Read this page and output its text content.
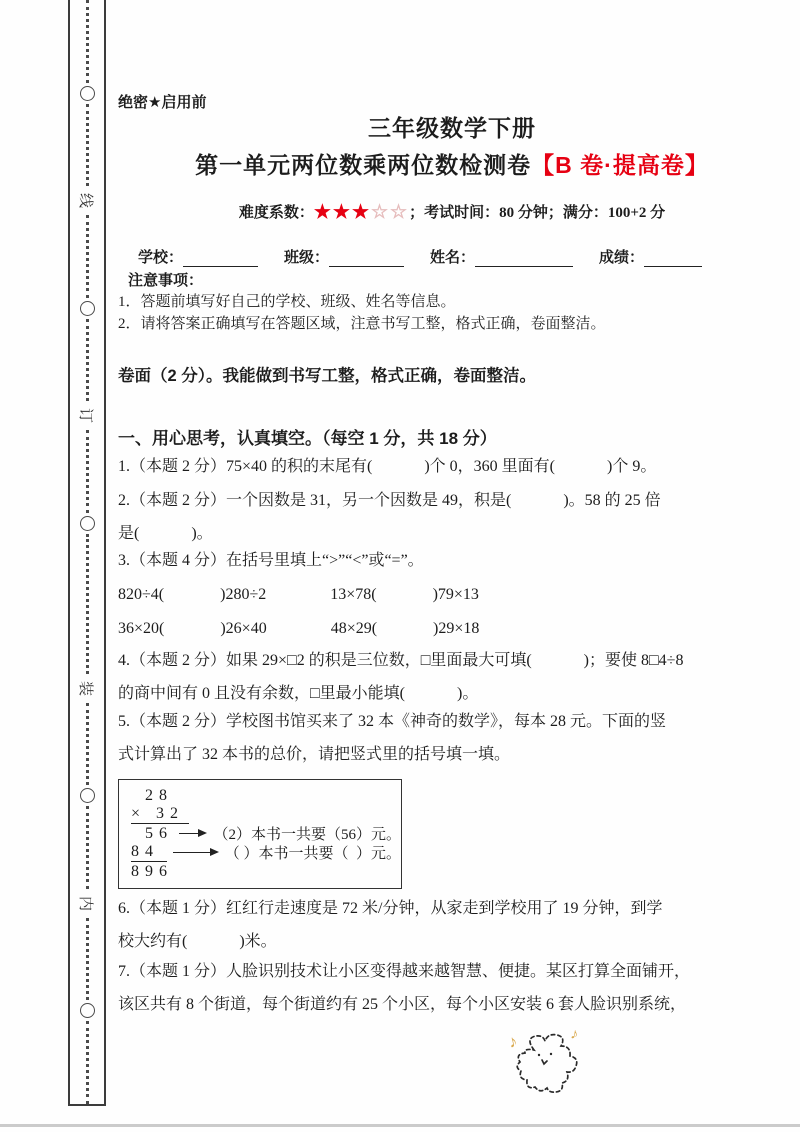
线
订
装
内
绝密★启用前
三年级数学下册
第一单元两位数乘两位数检测卷【B 卷·提高卷】
难度系数：★★★☆☆；考试时间：80 分钟；满分：100+2 分
学校：	班级：	姓名：	成绩：
注意事项：
1．答题前填写好自己的学校、班级、姓名等信息。
2．请将答案正确填写在答题区域，注意书写工整，格式正确，卷面整洁。
卷面（2 分）。我能做到书写工整，格式正确，卷面整洁。
一、用心思考，认真填空。（每空 1 分，共 18 分）
1.（本题 2 分）75×40 的积的末尾有(             )个 0，360 里面有(             )个 9。
2.（本题 2 分）一个因数是 31，另一个因数是 49，积是(             )。58 的 25 倍
是(             )。
3.（本题 4 分）在括号里填上“>”“<”或“=”。
820÷4(              )280÷2                13×78(              )79×13
36×20(              )26×40                48×29(              )29×18
4.（本题 2 分）如果 29×□2 的积是三位数，□里面最大可填(             )；要使 8□4÷8
的商中间有 0 且没有余数，□里最小能填(             )。
5.（本题 2 分）学校图书馆买来了 32 本《神奇的数学》，每本 28 元。下面的竖
式计算出了 32 本书的总价，请把竖式里的括号填一填。
28
× 32
56	（2）本书一共要（56）元。
84	（ ）本书一共要（  ）元。
896
6.（本题 1 分）红红行走速度是 72 米/分钟，从家走到学校用了 19 分钟，到学
校大约有(             )米。
7.（本题 1 分）人脸识别技术让小区变得越来越智慧、便捷。某区打算全面铺开，
该区共有 8 个街道，每个街道约有 25 个小区，每个小区安装 6 套人脸识别系统，
♪	♪
